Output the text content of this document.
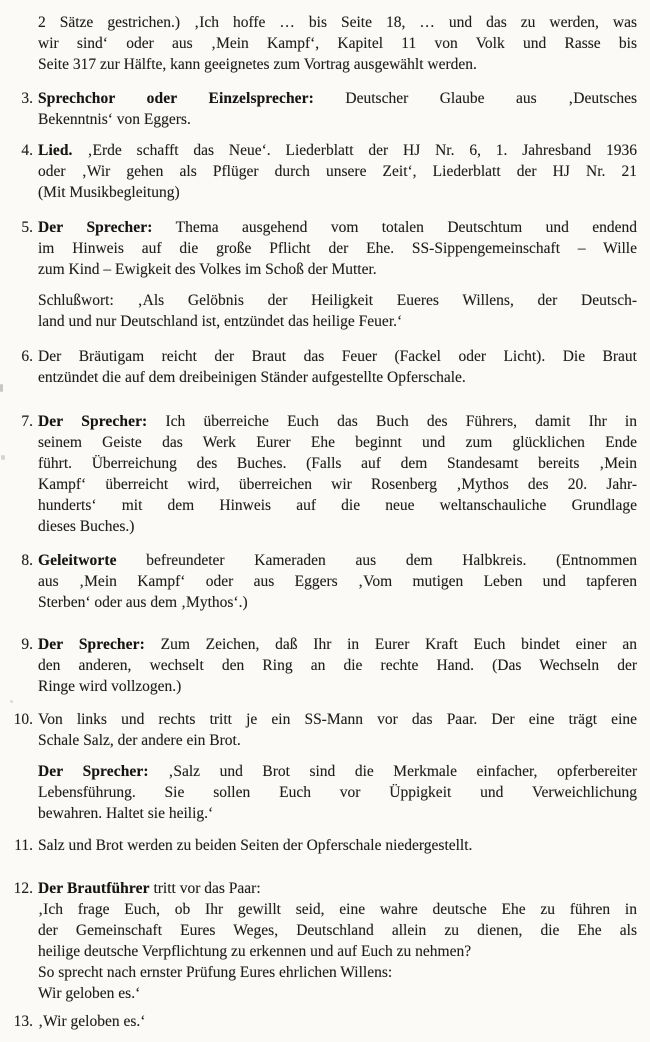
2 Sätze gestrichen.) ‚Ich hoffe … bis Seite 18, … und das zu werden, was
wir sind‘ oder aus ‚Mein Kampf‘, Kapitel 11 von Volk und Rasse bis
Seite 317 zur Hälfte, kann geeignetes zum Vortrag ausgewählt werden.
3. Sprechchor oder Einzelsprecher: Deutscher Glaube aus ‚Deutsches
Bekenntnis‘ von Eggers.
4. Lied. ‚Erde schafft das Neue‘. Liederblatt der HJ Nr. 6, 1. Jahresband 1936
oder ‚Wir gehen als Pflüger durch unsere Zeit‘, Liederblatt der HJ Nr. 21
(Mit Musikbegleitung)
5. Der Sprecher: Thema ausgehend vom totalen Deutschtum und endend
im Hinweis auf die große Pflicht der Ehe. SS-Sippengemeinschaft – Wille
zum Kind – Ewigkeit des Volkes im Schoß der Mutter.
Schlußwort: ‚Als Gelöbnis der Heiligkeit Eueres Willens, der Deutsch-
land und nur Deutschland ist, entzündet das heilige Feuer.‘
6. Der Bräutigam reicht der Braut das Feuer (Fackel oder Licht). Die Braut
entzündet die auf dem dreibeinigen Ständer aufgestellte Opferschale.
7. Der Sprecher: Ich überreiche Euch das Buch des Führers, damit Ihr in
seinem Geiste das Werk Eurer Ehe beginnt und zum glücklichen Ende
führt. Überreichung des Buches. (Falls auf dem Standesamt bereits ‚Mein
Kampf‘ überreicht wird, überreichen wir Rosenberg ‚Mythos des 20. Jahr-
hunderts‘ mit dem Hinweis auf die neue weltanschauliche Grundlage
dieses Buches.)
8. Geleitworte befreundeter Kameraden aus dem Halbkreis. (Entnommen
aus ‚Mein Kampf‘ oder aus Eggers ‚Vom mutigen Leben und tapferen
Sterben‘ oder aus dem ‚Mythos‘.)
9. Der Sprecher: Zum Zeichen, daß Ihr in Eurer Kraft Euch bindet einer an
den anderen, wechselt den Ring an die rechte Hand. (Das Wechseln der
Ringe wird vollzogen.)
10. Von links und rechts tritt je ein SS-Mann vor das Paar. Der eine trägt eine
Schale Salz, der andere ein Brot.
Der Sprecher: ‚Salz und Brot sind die Merkmale einfacher, opferbereiter
Lebensführung. Sie sollen Euch vor Üppigkeit und Verweichlichung
bewahren. Haltet sie heilig.‘
11. Salz und Brot werden zu beiden Seiten der Opferschale niedergestellt.
12. Der Brautführer tritt vor das Paar:
‚Ich frage Euch, ob Ihr gewillt seid, eine wahre deutsche Ehe zu führen in
der Gemeinschaft Eures Weges, Deutschland allein zu dienen, die Ehe als
heilige deutsche Verpflichtung zu erkennen und auf Euch zu nehmen?
So sprecht nach ernster Prüfung Eures ehrlichen Willens:
Wir geloben es.‘
13. ‚Wir geloben es.‘
